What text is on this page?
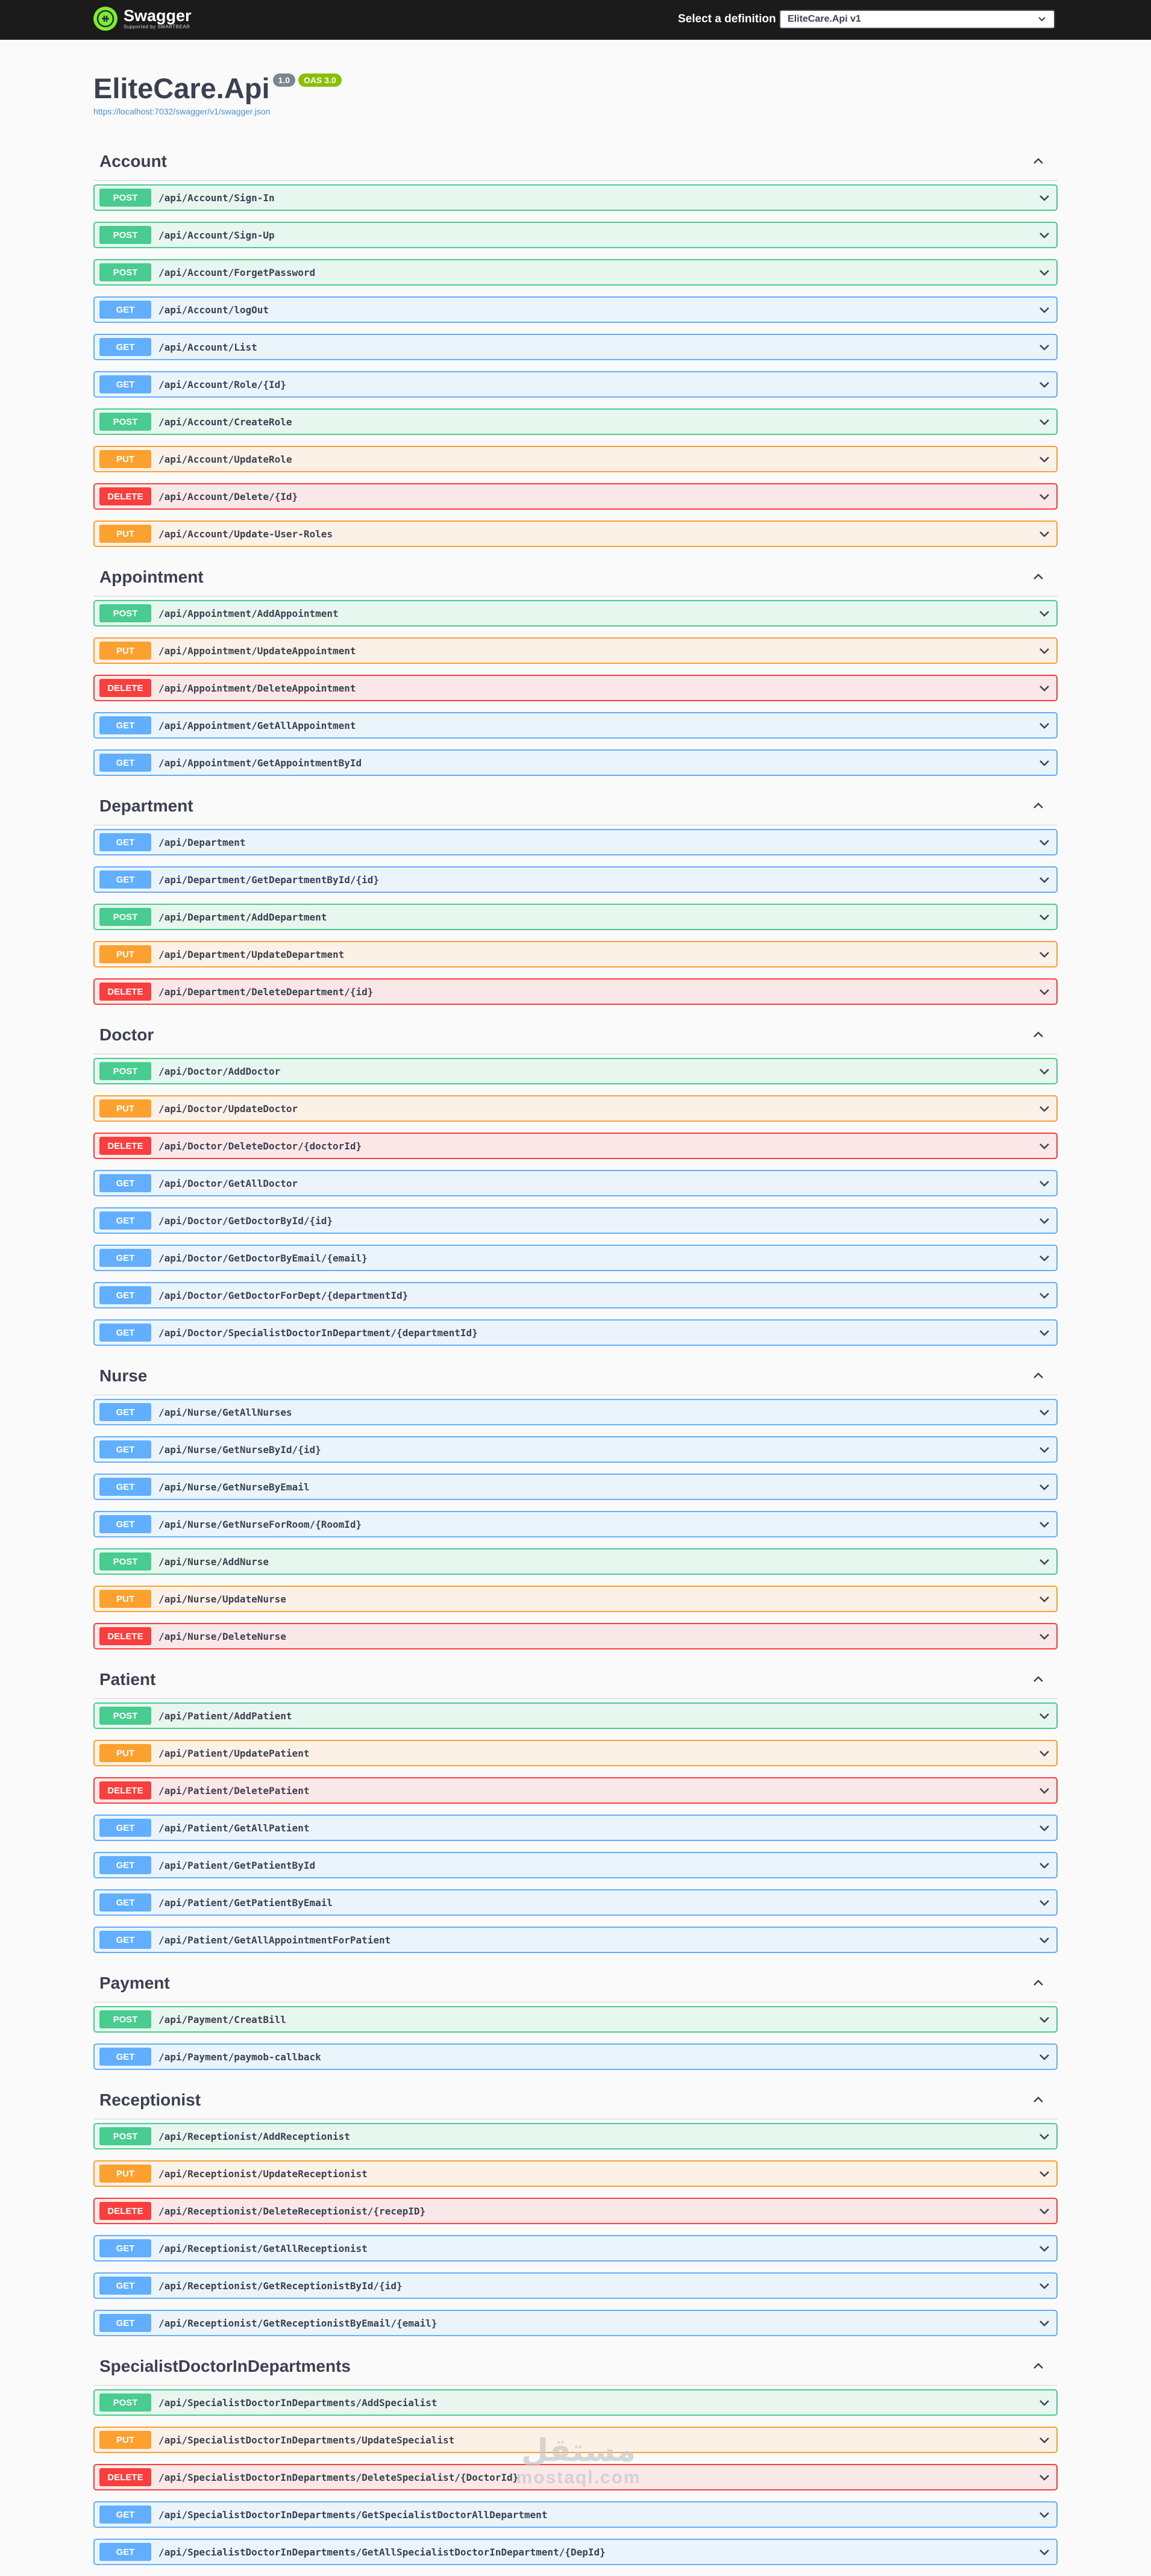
Swagger
Supported by SMARTBEAR
Select a definition EliteCare.Api v1
EliteCare.Api	1.0	OAS 3.0
https://localhost:7032/swagger/v1/swagger.json
Account
POST	/api/Account/Sign-In
POST	/api/Account/Sign-Up
POST	/api/Account/ForgetPassword
GET	/api/Account/logOut
GET	/api/Account/List
GET	/api/Account/Role/{Id}
POST	/api/Account/CreateRole
PUT	/api/Account/UpdateRole
DELETE	/api/Account/Delete/{Id}
PUT	/api/Account/Update-User-Roles
Appointment
POST	/api/Appointment/AddAppointment
PUT	/api/Appointment/UpdateAppointment
DELETE	/api/Appointment/DeleteAppointment
GET	/api/Appointment/GetAllAppointment
GET	/api/Appointment/GetAppointmentById
Department
GET	/api/Department
GET	/api/Department/GetDepartmentById/{id}
POST	/api/Department/AddDepartment
PUT	/api/Department/UpdateDepartment
DELETE	/api/Department/DeleteDepartment/{id}
Doctor
POST	/api/Doctor/AddDoctor
PUT	/api/Doctor/UpdateDoctor
DELETE	/api/Doctor/DeleteDoctor/{doctorId}
GET	/api/Doctor/GetAllDoctor
GET	/api/Doctor/GetDoctorById/{id}
GET	/api/Doctor/GetDoctorByEmail/{email}
GET	/api/Doctor/GetDoctorForDept/{departmentId}
GET	/api/Doctor/SpecialistDoctorInDepartment/{departmentId}
Nurse
GET	/api/Nurse/GetAllNurses
GET	/api/Nurse/GetNurseById/{id}
GET	/api/Nurse/GetNurseByEmail
GET	/api/Nurse/GetNurseForRoom/{RoomId}
POST	/api/Nurse/AddNurse
PUT	/api/Nurse/UpdateNurse
DELETE	/api/Nurse/DeleteNurse
Patient
POST	/api/Patient/AddPatient
PUT	/api/Patient/UpdatePatient
DELETE	/api/Patient/DeletePatient
GET	/api/Patient/GetAllPatient
GET	/api/Patient/GetPatientById
GET	/api/Patient/GetPatientByEmail
GET	/api/Patient/GetAllAppointmentForPatient
Payment
POST	/api/Payment/CreatBill
GET	/api/Payment/paymob-callback
Receptionist
POST	/api/Receptionist/AddReceptionist
PUT	/api/Receptionist/UpdateReceptionist
DELETE	/api/Receptionist/DeleteReceptionist/{recepID}
GET	/api/Receptionist/GetAllReceptionist
GET	/api/Receptionist/GetReceptionistById/{id}
GET	/api/Receptionist/GetReceptionistByEmail/{email}
SpecialistDoctorInDepartments
POST	/api/SpecialistDoctorInDepartments/AddSpecialist
PUT	/api/SpecialistDoctorInDepartments/UpdateSpecialist
DELETE	/api/SpecialistDoctorInDepartments/DeleteSpecialist/{DoctorId}
GET	/api/SpecialistDoctorInDepartments/GetSpecialistDoctorAllDepartment
GET	/api/SpecialistDoctorInDepartments/GetAllSpecialistDoctorInDepartment/{DepId}
مستقل
mostaql.com
